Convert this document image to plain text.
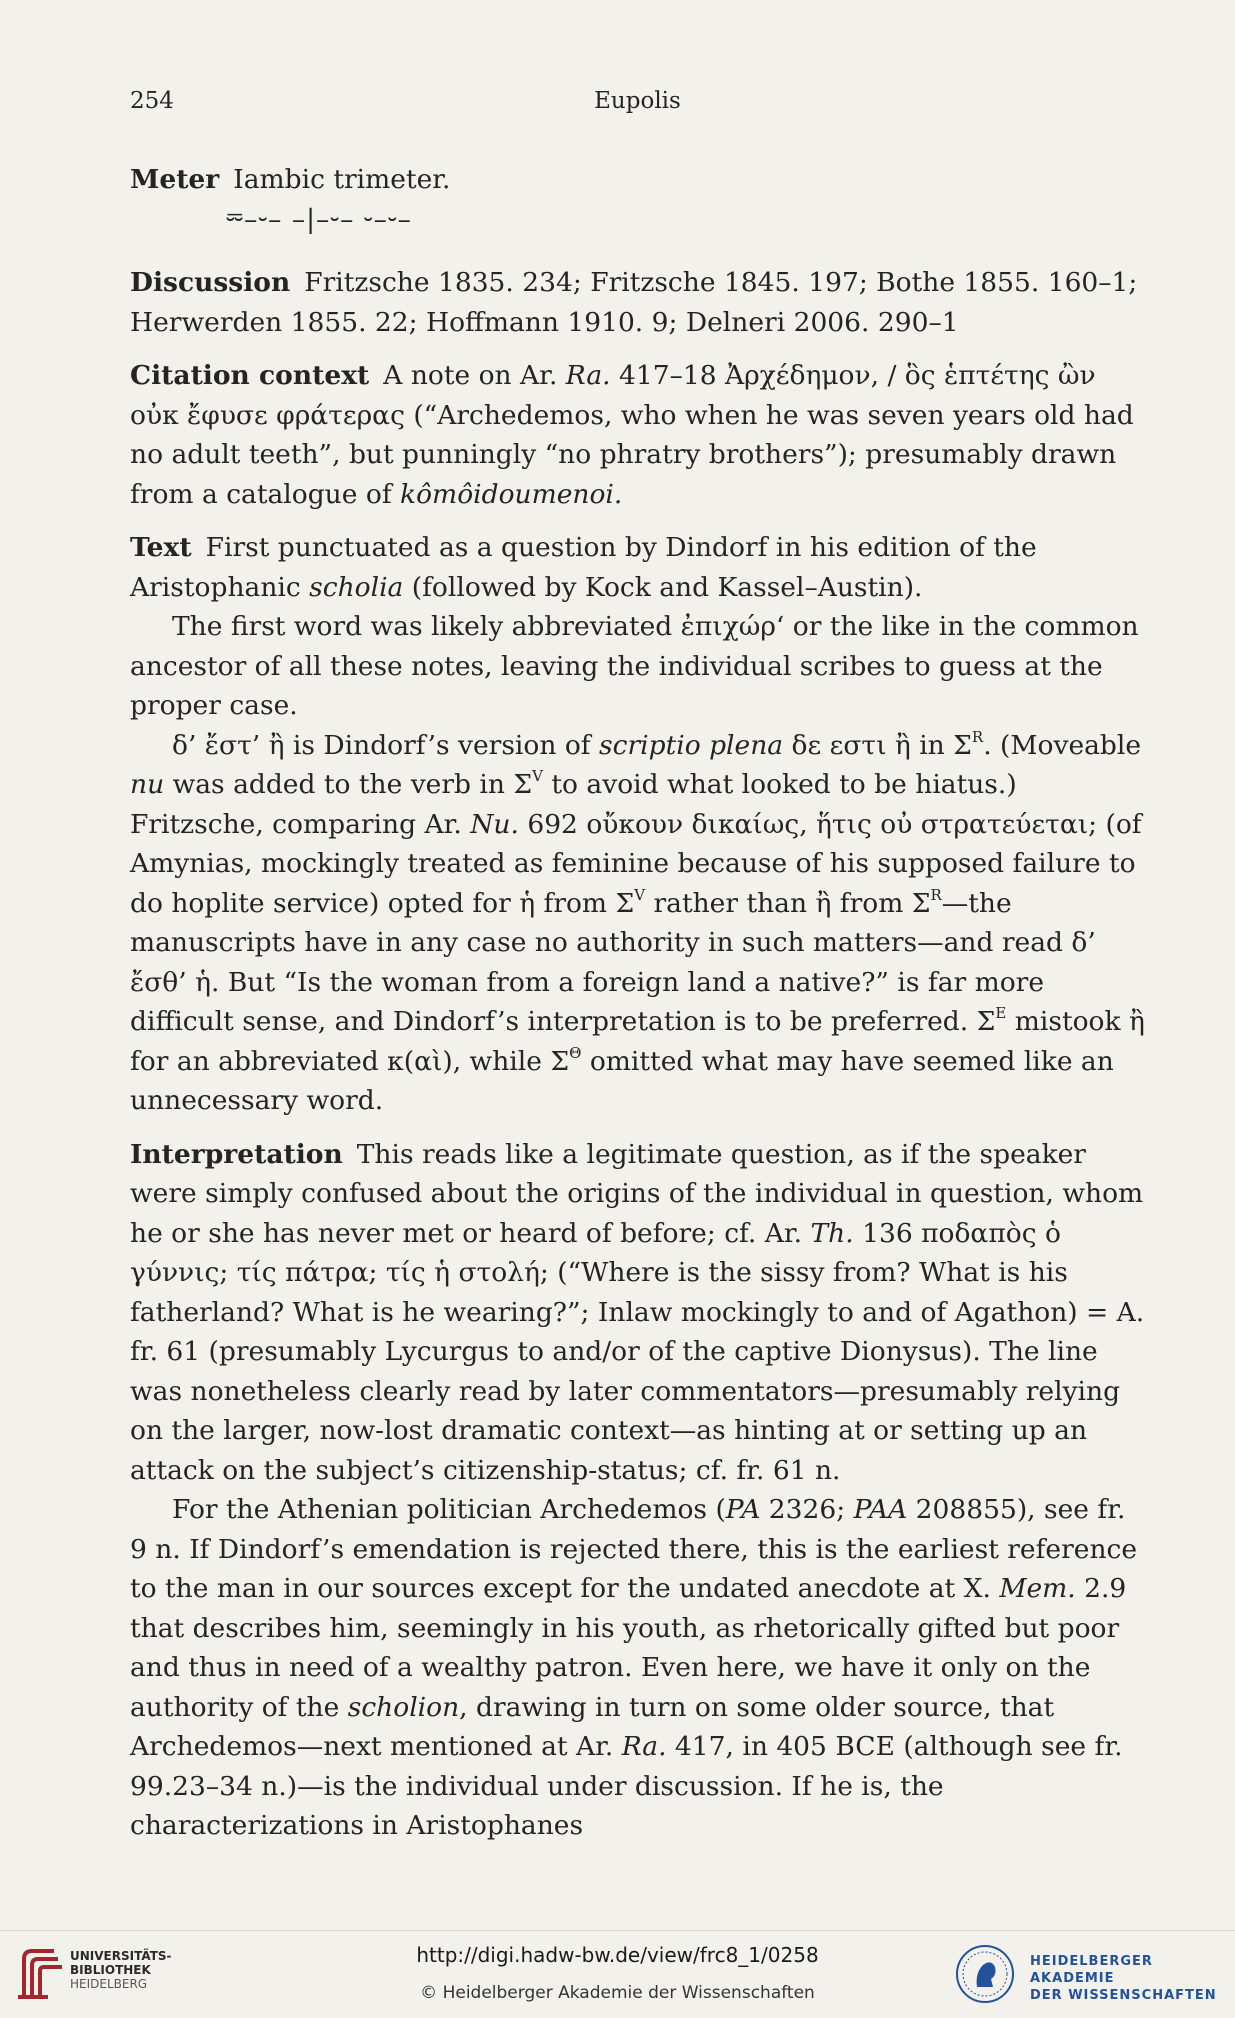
254	Eupolis

Meter Iambic trimeter.

⏔–⏑– –|–⏑– ⏑–⏑–

Discussion Fritzsche 1835. 234; Fritzsche 1845. 197; Bothe 1855. 160–1; Herwerden 1855. 22; Hoffmann 1910. 9; Delneri 2006. 290–1

Citation context A note on Ar. Ra. 417–18 Ἀρχέδημον, / ὃς ἑπτέτης ὢν οὐκ ἔφυσε φράτερας (“Archedemos, who when he was seven years old had no adult teeth”, but punningly “no phratry brothers”); presumably drawn from a catalogue of kômôidoumenoi.

Text First punctuated as a question by Dindorf in his edition of the Aristophanic scholia (followed by Kock and Kassel–Austin).

The first word was likely abbreviated ἐπιχώρ‘ or the like in the common ancestor of all these notes, leaving the individual scribes to guess at the proper case.

δ’ ἔστ’ ἢ is Dindorf’s version of scriptio plena δε εστι ἢ in $\Sigma^R$. (Moveable nu was added to the verb in $\Sigma^V$ to avoid what looked to be hiatus.) Fritzsche, comparing Ar. Nu. 692 οὔκουν δικαίως, ἥτις οὐ στρατεύεται; (of Amynias, mockingly treated as feminine because of his supposed failure to do hoplite service) opted for ἡ from $\Sigma^V$ rather than ἢ from $\Sigma^R—the$ manuscripts have in any case no authority in such matters—and read δ’ ἔσθ’ ἡ. But “Is the woman from a foreign land a native?” is far more difficult sense, and Dindorf’s interpretation is to be preferred. $\Sigma^E$ mistook ἢ for an abbreviated κ(αὶ), while $\Sigma^\Theta$ omitted what may have seemed like an unnecessary word.

Interpretation This reads like a legitimate question, as if the speaker were simply confused about the origins of the individual in question, whom he or she has never met or heard of before; cf. Ar. Th. 136 ποδαπὸς ὁ γύννις; τίς πάτρα; τίς ἡ στολή; (“Where is the sissy from? What is his fatherland? What is he wearing?”; Inlaw mockingly to and of Agathon) = A. fr. 61 (presumably Lycurgus to and/or of the captive Dionysus). The line was nonetheless clearly read by later commentators—presumably relying on the larger, now-lost dramatic context—as hinting at or setting up an attack on the subject’s citizenship-status; cf. fr. 61 n.

For the Athenian politician Archedemos (PA 2326; PAA 208855), see fr. 9 n. If Dindorf’s emendation is rejected there, this is the earliest reference to the man in our sources except for the undated anecdote at X. Mem. 2.9 that describes him, seemingly in his youth, as rhetorically gifted but poor and thus in need of a wealthy patron. Even here, we have it only on the authority of the scholion, drawing in turn on some older source, that Archedemos—next mentioned at Ar. Ra. 417, in 405 BCE (although see fr. 99.23–34 n.)—is the individual under discussion. If he is, the characterizations in Aristophanes

UNIVERSITÄTS-
BIBLIOTHEK
HEIDELBERG
http://digi.hadw-bw.de/view/frc8_1/0258
© Heidelberger Akademie der Wissenschaften
HEIDELBERGER AKADEMIE
DER WISSENSCHAFTEN
